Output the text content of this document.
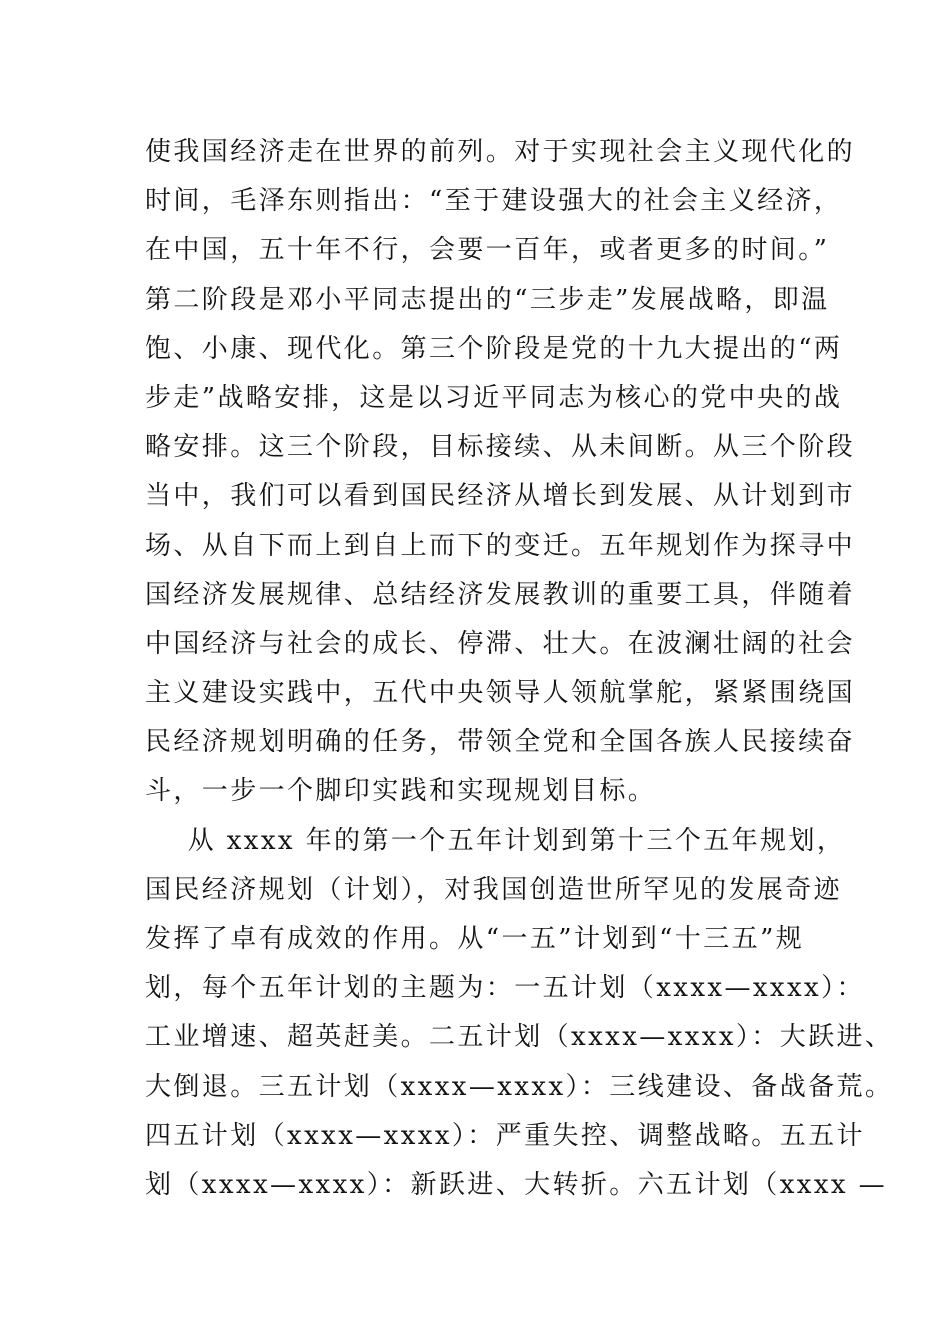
使我国经济走在世界的前列。对于实现社会主义现代化的
时间，毛泽东则指出：“至于建设强大的社会主义经济，
在中国，五十年不行，会要一百年，或者更多的时间。”
第二阶段是邓小平同志提出的“三步走”发展战略，即温
饱、小康、现代化。第三个阶段是党的十九大提出的“两
步走”战略安排，这是以习近平同志为核心的党中央的战
略安排。这三个阶段，目标接续、从未间断。从三个阶段
当中，我们可以看到国民经济从增长到发展、从计划到市
场、从自下而上到自上而下的变迁。五年规划作为探寻中
国经济发展规律、总结经济发展教训的重要工具，伴随着
中国经济与社会的成长、停滞、壮大。在波澜壮阔的社会
主义建设实践中，五代中央领导人领航掌舵，紧紧围绕国
民经济规划明确的任务，带领全党和全国各族人民接续奋
斗，一步一个脚印实践和实现规划目标。
从 xxxx 年的第一个五年计划到第十三个五年规划，
国民经济规划（计划），对我国创造世所罕见的发展奇迹
发挥了卓有成效的作用。从“一五”计划到“十三五”规
划，每个五年计划的主题为：一五计划（xxxx—xxxx）：
工业增速、超英赶美。二五计划（xxxx—xxxx）：大跃进、
大倒退。三五计划（xxxx—xxxx）：三线建设、备战备荒。
四五计划（xxxx—xxxx）：严重失控、调整战略。五五计
划（xxxx—xxxx）：新跃进、大转折。六五计划（xxxx —
